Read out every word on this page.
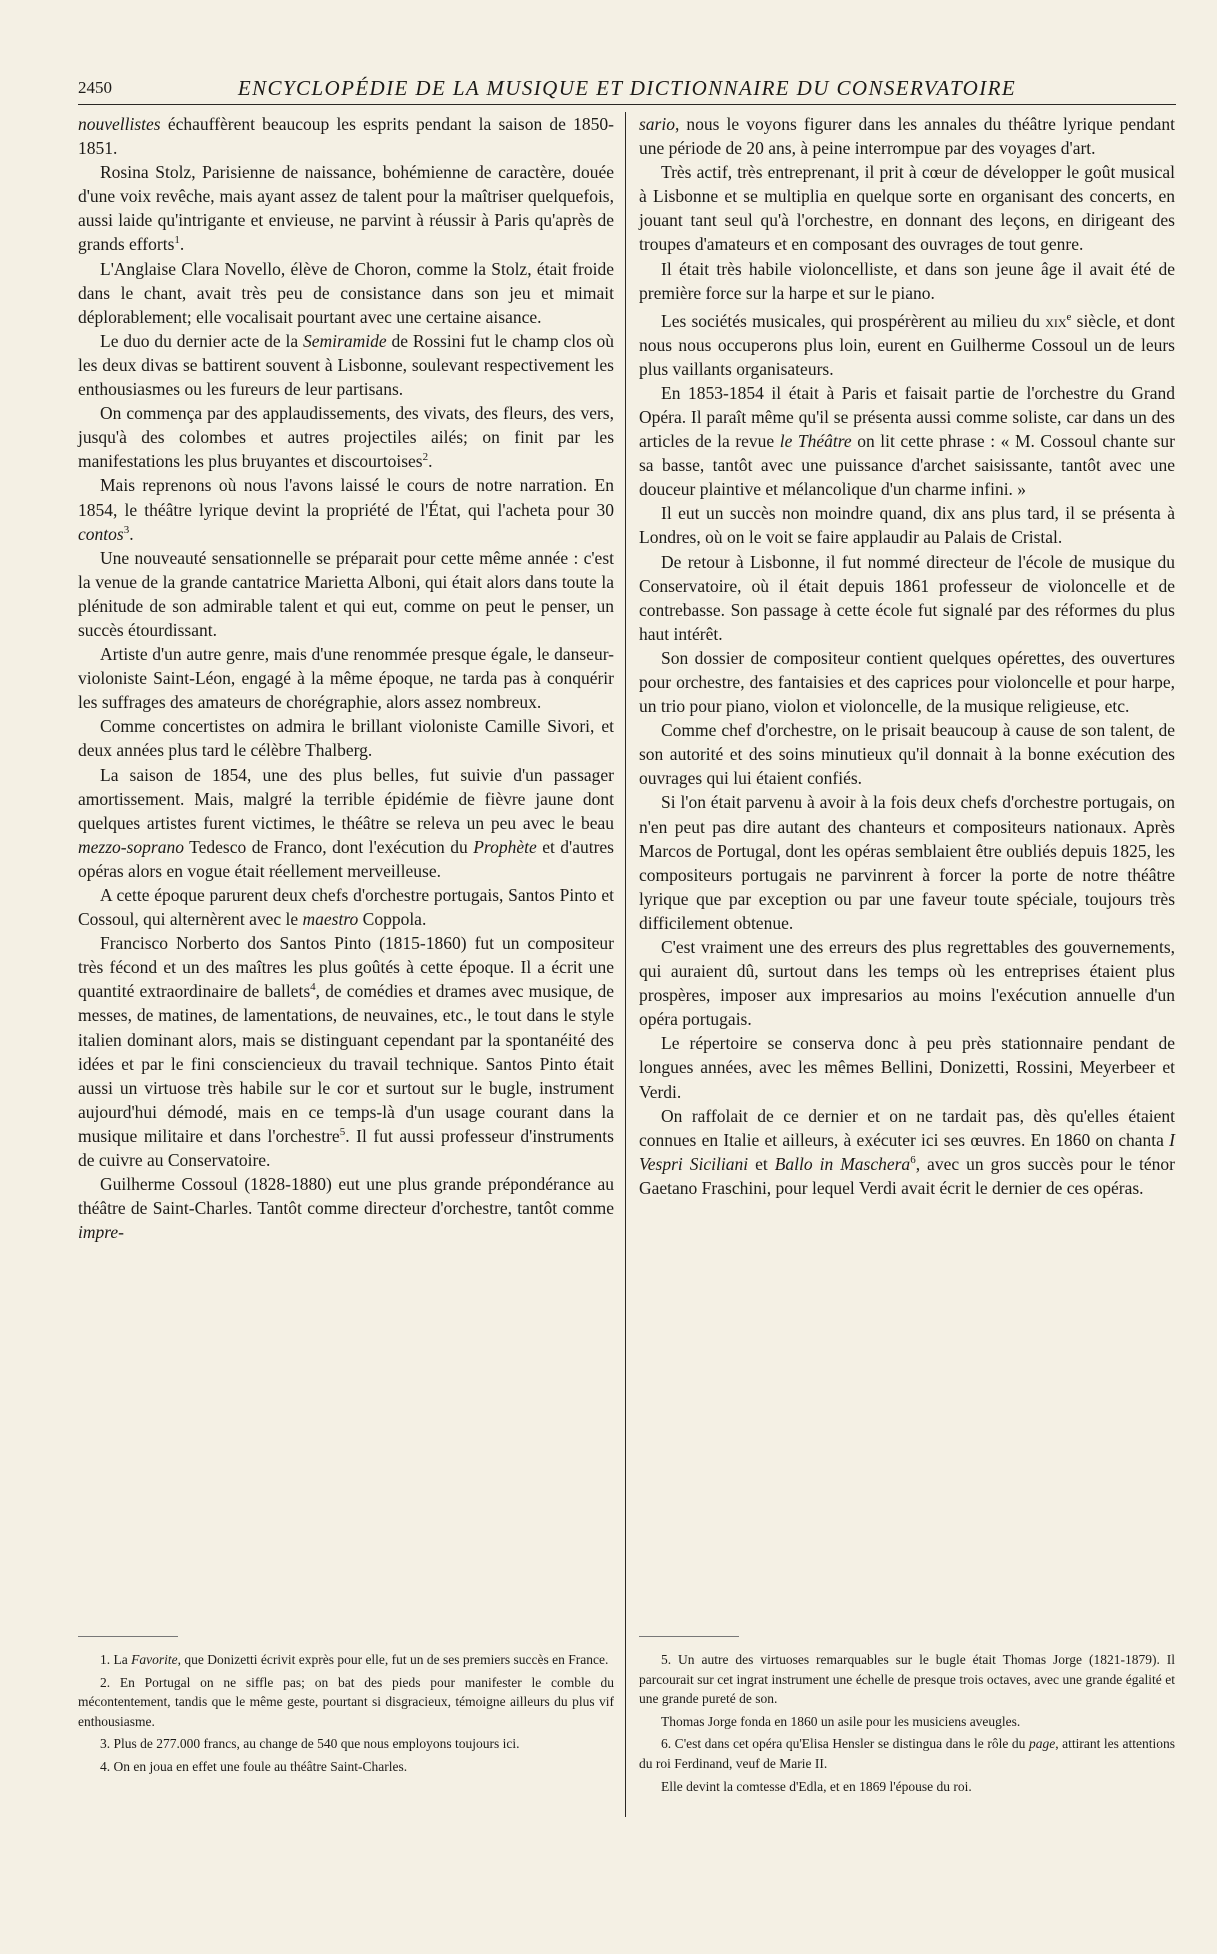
2450	ENCYCLOPÉDIE DE LA MUSIQUE ET DICTIONNAIRE DU CONSERVATOIRE

nouvellistes échauffèrent beaucoup les esprits pendant la saison de 1850-1851.

Rosina Stolz, Parisienne de naissance, bohémienne de caractère, douée d'une voix revêche, mais ayant assez de talent pour la maîtriser quelquefois, aussi laide qu'intrigante et envieuse, ne parvint à réussir à Paris qu'après de grands efforts$^1$.

L'Anglaise Clara Novello, élève de Choron, comme la Stolz, était froide dans le chant, avait très peu de consistance dans son jeu et mimait déplorablement; elle vocalisait pourtant avec une certaine aisance.

Le duo du dernier acte de la Semiramide de Rossini fut le champ clos où les deux divas se battirent souvent à Lisbonne, soulevant respectivement les enthousiasmes ou les fureurs de leur partisans.

On commença par des applaudissements, des vivats, des fleurs, des vers, jusqu'à des colombes et autres projectiles ailés; on finit par les manifestations les plus bruyantes et discourtoises$^2$.

Mais reprenons où nous l'avons laissé le cours de notre narration. En 1854, le théâtre lyrique devint la propriété de l'État, qui l'acheta pour 30 contos$^3$.

Une nouveauté sensationnelle se préparait pour cette même année : c'est la venue de la grande cantatrice Marietta Alboni, qui était alors dans toute la plénitude de son admirable talent et qui eut, comme on peut le penser, un succès étourdissant.

Artiste d'un autre genre, mais d'une renommée presque égale, le danseur-violoniste Saint-Léon, engagé à la même époque, ne tarda pas à conquérir les suffrages des amateurs de chorégraphie, alors assez nombreux.

Comme concertistes on admira le brillant violoniste Camille Sivori, et deux années plus tard le célèbre Thalberg.

La saison de 1854, une des plus belles, fut suivie d'un passager amortissement. Mais, malgré la terrible épidémie de fièvre jaune dont quelques artistes furent victimes, le théâtre se releva un peu avec le beau mezzo-soprano Tedesco de Franco, dont l'exécution du Prophète et d'autres opéras alors en vogue était réellement merveilleuse.

A cette époque parurent deux chefs d'orchestre portugais, Santos Pinto et Cossoul, qui alternèrent avec le maestro Coppola.

Francisco Norberto dos Santos Pinto (1815-1860) fut un compositeur très fécond et un des maîtres les plus goûtés à cette époque. Il a écrit une quantité extraordinaire de ballets$^4$, de comédies et drames avec musique, de messes, de matines, de lamentations, de neuvaines, etc., le tout dans le style italien dominant alors, mais se distinguant cependant par la spontanéité des idées et par le fini consciencieux du travail technique. Santos Pinto était aussi un virtuose très habile sur le cor et surtout sur le bugle, instrument aujourd'hui démodé, mais en ce temps-là d'un usage courant dans la musique militaire et dans l'orchestre$^5$. Il fut aussi professeur d'instruments de cuivre au Conservatoire.

Guilherme Cossoul (1828-1880) eut une plus grande prépondérance au théâtre de Saint-Charles. Tantôt comme directeur d'orchestre, tantôt comme impre-

sario, nous le voyons figurer dans les annales du théâtre lyrique pendant une période de 20 ans, à peine interrompue par des voyages d'art.

Très actif, très entreprenant, il prit à cœur de développer le goût musical à Lisbonne et se multiplia en quelque sorte en organisant des concerts, en jouant tant seul qu'à l'orchestre, en donnant des leçons, en dirigeant des troupes d'amateurs et en composant des ouvrages de tout genre.

Il était très habile violoncelliste, et dans son jeune âge il avait été de première force sur la harpe et sur le piano.

Les sociétés musicales, qui prospérèrent au milieu du xix$^e$ siècle, et dont nous nous occuperons plus loin, eurent en Guilherme Cossoul un de leurs plus vaillants organisateurs.

En 1853-1854 il était à Paris et faisait partie de l'orchestre du Grand Opéra. Il paraît même qu'il se présenta aussi comme soliste, car dans un des articles de la revue le Théâtre on lit cette phrase : « M. Cossoul chante sur sa basse, tantôt avec une puissance d'archet saisissante, tantôt avec une douceur plaintive et mélancolique d'un charme infini. »

Il eut un succès non moindre quand, dix ans plus tard, il se présenta à Londres, où on le voit se faire applaudir au Palais de Cristal.

De retour à Lisbonne, il fut nommé directeur de l'école de musique du Conservatoire, où il était depuis 1861 professeur de violoncelle et de contrebasse. Son passage à cette école fut signalé par des réformes du plus haut intérêt.

Son dossier de compositeur contient quelques opérettes, des ouvertures pour orchestre, des fantaisies et des caprices pour violoncelle et pour harpe, un trio pour piano, violon et violoncelle, de la musique religieuse, etc.

Comme chef d'orchestre, on le prisait beaucoup à cause de son talent, de son autorité et des soins minutieux qu'il donnait à la bonne exécution des ouvrages qui lui étaient confiés.

Si l'on était parvenu à avoir à la fois deux chefs d'orchestre portugais, on n'en peut pas dire autant des chanteurs et compositeurs nationaux. Après Marcos de Portugal, dont les opéras semblaient être oubliés depuis 1825, les compositeurs portugais ne parvinrent à forcer la porte de notre théâtre lyrique que par exception ou par une faveur toute spéciale, toujours très difficilement obtenue.

C'est vraiment une des erreurs des plus regrettables des gouvernements, qui auraient dû, surtout dans les temps où les entreprises étaient plus prospères, imposer aux impresarios au moins l'exécution annuelle d'un opéra portugais.

Le répertoire se conserva donc à peu près stationnaire pendant de longues années, avec les mêmes Bellini, Donizetti, Rossini, Meyerbeer et Verdi.

On raffolait de ce dernier et on ne tardait pas, dès qu'elles étaient connues en Italie et ailleurs, à exécuter ici ses œuvres. En 1860 on chanta I Vespri Siciliani et Ballo in Maschera$^6$, avec un gros succès pour le ténor Gaetano Fraschini, pour lequel Verdi avait écrit le dernier de ces opéras.

1. La Favorite, que Donizetti écrivit exprès pour elle, fut un de ses premiers succès en France.

2. En Portugal on ne siffle pas; on bat des pieds pour manifester le comble du mécontentement, tandis que le même geste, pourtant si disgracieux, témoigne ailleurs du plus vif enthousiasme.

3. Plus de 277.000 francs, au change de 540 que nous employons toujours ici.

4. On en joua en effet une foule au théâtre Saint-Charles.

5. Un autre des virtuoses remarquables sur le bugle était Thomas Jorge (1821-1879). Il parcourait sur cet ingrat instrument une échelle de presque trois octaves, avec une grande égalité et une grande pureté de son.

Thomas Jorge fonda en 1860 un asile pour les musiciens aveugles.

6. C'est dans cet opéra qu'Elisa Hensler se distingua dans le rôle du page, attirant les attentions du roi Ferdinand, veuf de Marie II.

Elle devint la comtesse d'Edla, et en 1869 l'épouse du roi.
